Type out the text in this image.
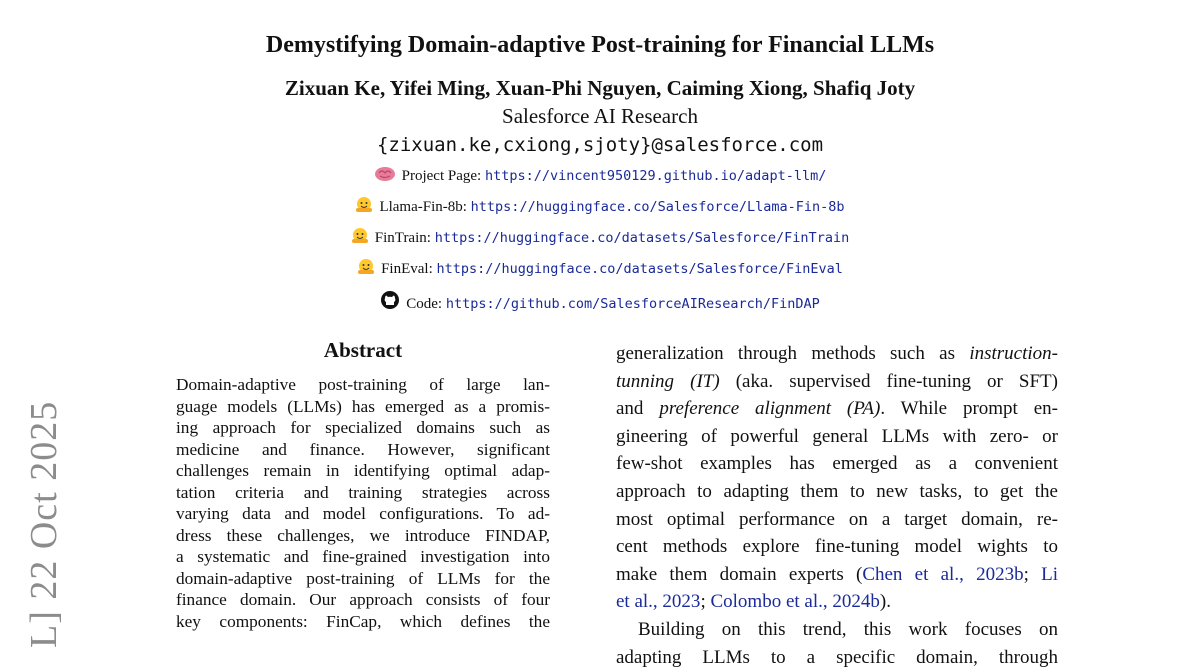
L] 22 Oct 2025
Demystifying Domain-adaptive Post-training for Financial LLMs
Zixuan Ke, Yifei Ming, Xuan-Phi Nguyen, Caiming Xiong, Shafiq Joty
Salesforce AI Research
{zixuan.ke,cxiong,sjoty}@salesforce.com
Project Page: https://vincent950129.github.io/adapt-llm/
Llama-Fin-8b: https://huggingface.co/Salesforce/Llama-Fin-8b
FinTrain: https://huggingface.co/datasets/Salesforce/FinTrain
FinEval: https://huggingface.co/datasets/Salesforce/FinEval
Code: https://github.com/SalesforceAIResearch/FinDAP
Abstract
Domain-adaptive post-training of large lan-
guage models (LLMs) has emerged as a promis-
ing approach for specialized domains such as
medicine and finance. However, significant
challenges remain in identifying optimal adap-
tation criteria and training strategies across
varying data and model configurations. To ad-
dress these challenges, we introduce FINDAP,
a systematic and fine-grained investigation into
domain-adaptive post-training of LLMs for the
finance domain. Our approach consists of four
key components: FinCap, which defines the
generalization through methods such as instruction-
tunning (IT) (aka. supervised fine-tuning or SFT)
and preference alignment (PA). While prompt en-
gineering of powerful general LLMs with zero- or
few-shot examples has emerged as a convenient
approach to adapting them to new tasks, to get the
most optimal performance on a target domain, re-
cent methods explore fine-tuning model wights to
make them domain experts (Chen et al., 2023b; Li
et al., 2023; Colombo et al., 2024b).
Building on this trend, this work focuses on
adapting LLMs to a specific domain, through
